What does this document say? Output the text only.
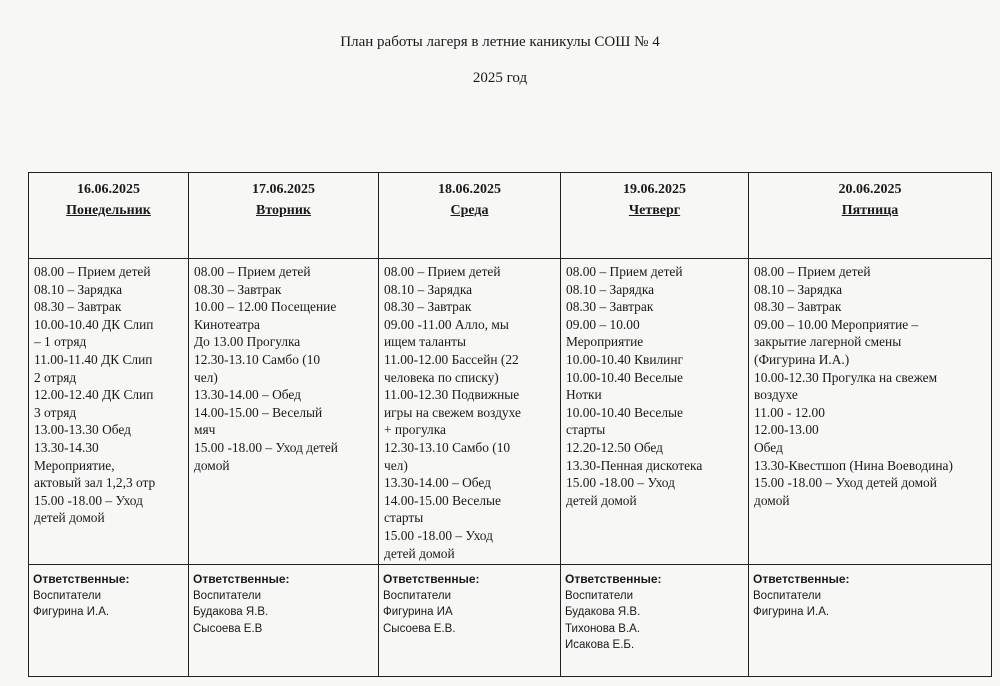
План работы лагеря в летние каникулы СОШ № 4
2025 год
16.06.2025
Понедельник
17.06.2025
Вторник
18.06.2025
Среда
19.06.2025
Четверг
20.06.2025
Пятница
08.00 – Прием детей
08.10 – Зарядка
08.30 – Завтрак
10.00-10.40 ДК Слип
– 1 отряд
11.00-11.40 ДК Слип
2 отряд
12.00-12.40 ДК Слип
3 отряд
13.00-13.30 Обед
13.30-14.30
Мероприятие,
актовый зал 1,2,3 отр
15.00 -18.00 – Уход
детей домой
08.00 – Прием детей
08.30 – Завтрак
10.00 – 12.00 Посещение
Кинотеатра
До 13.00 Прогулка
12.30-13.10 Самбо (10
чел)
13.30-14.00 – Обед
14.00-15.00 – Веселый
мяч
15.00 -18.00 – Уход детей
домой
08.00 – Прием детей
08.10 – Зарядка
08.30 – Завтрак
09.00 -11.00 Алло, мы
ищем таланты
11.00-12.00 Бассейн (22
человека по списку)
11.00-12.30 Подвижные
игры на свежем воздухе
+ прогулка
12.30-13.10 Самбо (10
чел)
13.30-14.00 – Обед
14.00-15.00 Веселые
старты
15.00 -18.00 – Уход
детей домой
08.00 – Прием детей
08.10 – Зарядка
08.30 – Завтрак
09.00 – 10.00
Мероприятие
10.00-10.40 Квилинг
10.00-10.40 Веселые
Нотки
10.00-10.40 Веселые
старты
12.20-12.50 Обед
13.30-Пенная дискотека
15.00 -18.00 – Уход
детей домой
08.00 – Прием детей
08.10 – Зарядка
08.30 – Завтрак
09.00 – 10.00 Мероприятие –
закрытие лагерной смены
(Фигурина И.А.)
10.00-12.30 Прогулка на свежем
воздухе
11.00 - 12.00
12.00-13.00
Обед
13.30-Квестшоп (Нина Воеводина)
15.00 -18.00 – Уход детей домой
домой
Ответственные:
Воспитатели
Фигурина И.А.
Ответственные:
Воспитатели
Будакова Я.В.
Сысоева Е.В
Ответственные:
Воспитатели
Фигурина ИА
Сысоева Е.В.
Ответственные:
Воспитатели
Будакова Я.В.
Тихонова В.А.
Исакова Е.Б.
Ответственные:
Воспитатели
Фигурина И.А.
